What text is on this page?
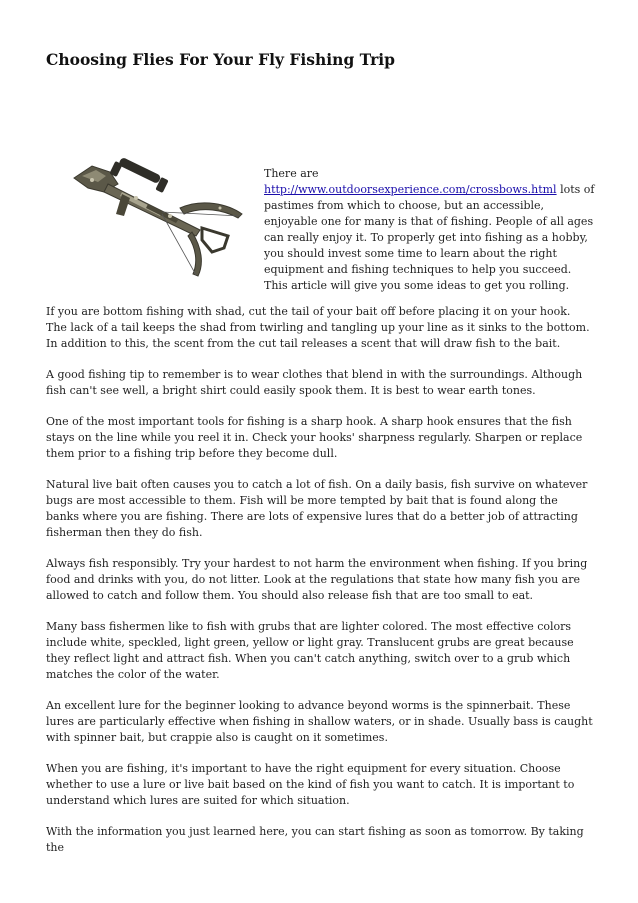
Choosing Flies For Your Fly Fishing Trip

There are
http://www.outdoorsexperience.com/crossbows.html lots of pastimes from which to choose, but an accessible, enjoyable one for many is that of fishing. People of all ages can really enjoy it. To properly get into fishing as a hobby, you should invest some time to learn about the right equipment and fishing techniques to help you succeed. This article will give you some ideas to get you rolling.

If you are bottom fishing with shad, cut the tail of your bait off before placing it on your hook. The lack of a tail keeps the shad from twirling and tangling up your line as it sinks to the bottom. In addition to this, the scent from the cut tail releases a scent that will draw fish to the bait.

A good fishing tip to remember is to wear clothes that blend in with the surroundings. Although fish can't see well, a bright shirt could easily spook them. It is best to wear earth tones.

One of the most important tools for fishing is a sharp hook. A sharp hook ensures that the fish stays on the line while you reel it in. Check your hooks' sharpness regularly. Sharpen or replace them prior to a fishing trip before they become dull.

Natural live bait often causes you to catch a lot of fish. On a daily basis, fish survive on whatever bugs are most accessible to them. Fish will be more tempted by bait that is found along the banks where you are fishing. There are lots of expensive lures that do a better job of attracting fisherman then they do fish.

Always fish responsibly. Try your hardest to not harm the environment when fishing. If you bring food and drinks with you, do not litter. Look at the regulations that state how many fish you are allowed to catch and follow them. You should also release fish that are too small to eat.

Many bass fishermen like to fish with grubs that are lighter colored. The most effective colors include white, speckled, light green, yellow or light gray. Translucent grubs are great because they reflect light and attract fish. When you can't catch anything, switch over to a grub which matches the color of the water.

An excellent lure for the beginner looking to advance beyond worms is the spinnerbait. These lures are particularly effective when fishing in shallow waters, or in shade. Usually bass is caught with spinner bait, but crappie also is caught on it sometimes.

When you are fishing, it's important to have the right equipment for every situation. Choose whether to use a lure or live bait based on the kind of fish you want to catch. It is important to understand which lures are suited for which situation.

With the information you just learned here, you can start fishing as soon as tomorrow. By taking the
